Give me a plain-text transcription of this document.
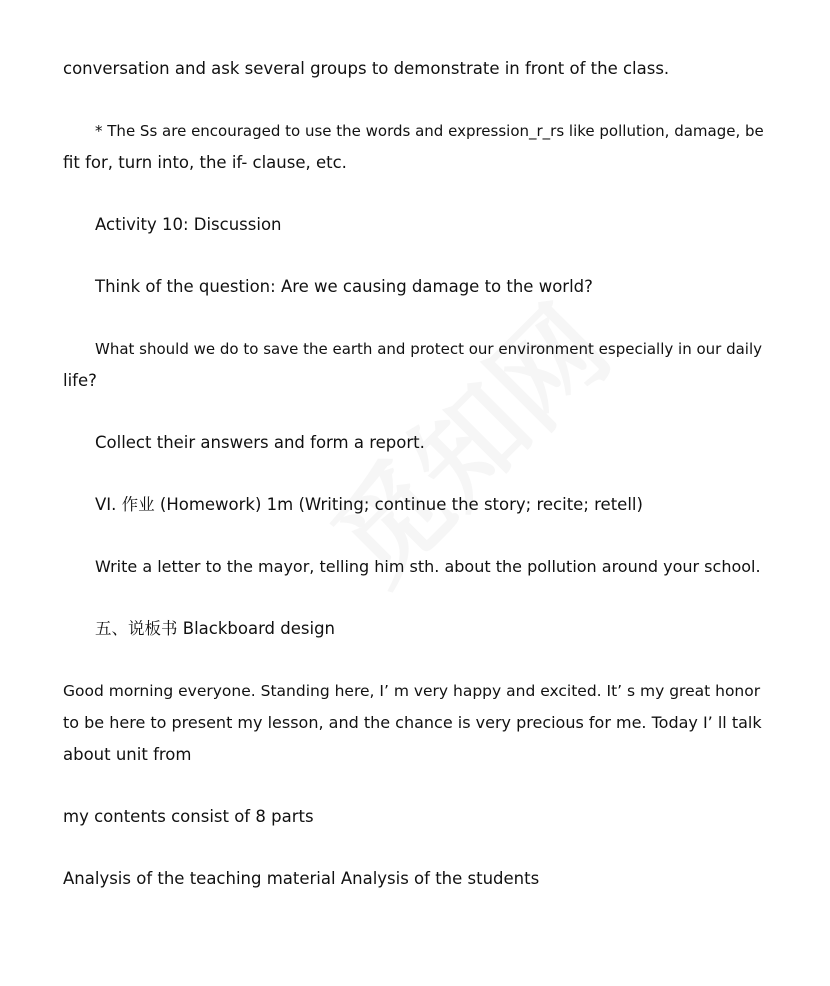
conversation and ask several groups to demonstrate in front of the class.
* The Ss are encouraged to use the words and expression_r_rs like pollution, damage, be
fit for, turn into, the if- clause, etc.
Activity 10: Discussion
Think of the question: Are we causing damage to the world?
What should we do to save the earth and protect our environment especially in our daily
life?
Collect their answers and form a report.
VI. 作业 (Homework) 1m (Writing; continue the story; recite; retell)
Write a letter to the mayor, telling him sth. about the pollution around your school.
五、说板书 Blackboard design
Good morning everyone. Standing here, I’ m very happy and excited. It’ s my great honor
to be here to present my lesson, and the chance is very precious for me. Today I’ ll talk
about unit from
my contents consist of 8 parts
Analysis of the teaching material Analysis of the students
